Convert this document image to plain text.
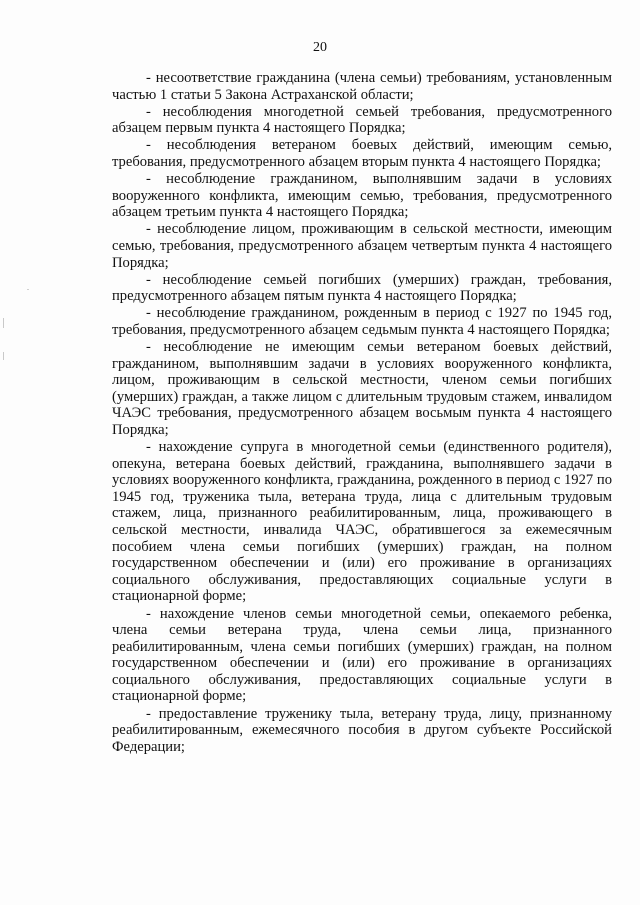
20

- несоответствие гражданина (члена семьи) требованиям, установленным частью 1 статьи 5 Закона Астраханской области;

- несоблюдения многодетной семьей требования, предусмотренного абзацем первым пункта 4 настоящего Порядка;

- несоблюдения ветераном боевых действий, имеющим семью, требования, предусмотренного абзацем вторым пункта 4 настоящего Порядка;

- несоблюдение гражданином, выполнявшим задачи в условиях вооруженного конфликта, имеющим семью, требования, предусмотренного абзацем третьим пункта 4 настоящего Порядка;

- несоблюдение лицом, проживающим в сельской местности, имеющим семью, требования, предусмотренного абзацем четвертым пункта 4 настоящего Порядка;

- несоблюдение семьей погибших (умерших) граждан, требования, предусмотренного абзацем пятым пункта 4 настоящего Порядка;

- несоблюдение гражданином, рожденным в период с 1927 по 1945 год, требования, предусмотренного абзацем седьмым пункта 4 настоящего Порядка;

- несоблюдение не имеющим семьи ветераном боевых действий, гражданином, выполнявшим задачи в условиях вооруженного конфликта, лицом, проживающим в сельской местности, членом семьи погибших (умерших) граждан, а также лицом с длительным трудовым стажем, инвалидом ЧАЭС требования, предусмотренного абзацем восьмым пункта 4 настоящего Порядка;

- нахождение супруга в многодетной семьи (единственного родителя), опекуна, ветерана боевых действий, гражданина, выполнявшего задачи в условиях вооруженного конфликта, гражданина, рожденного в период с 1927 по 1945 год, труженика тыла, ветерана труда, лица с длительным трудовым стажем, лица, признанного реабилитированным, лица, проживающего в сельской местности, инвалида ЧАЭС, обратившегося за ежемесячным пособием члена семьи погибших (умерших) граждан, на полном государственном обеспечении и (или) его проживание в организациях социального обслуживания, предоставляющих социальные услуги в стационарной форме;

- нахождение членов семьи многодетной семьи, опекаемого ребенка, члена семьи ветерана труда, члена семьи лица, признанного реабилитированным, члена семьи погибших (умерших) граждан, на полном государственном обеспечении и (или) его проживание в организациях социального обслуживания, предоставляющих социальные услуги в стационарной форме;

- предоставление труженику тыла, ветерану труда, лицу, признанному реабилитированным, ежемесячного пособия в другом субъекте Российской Федерации;
